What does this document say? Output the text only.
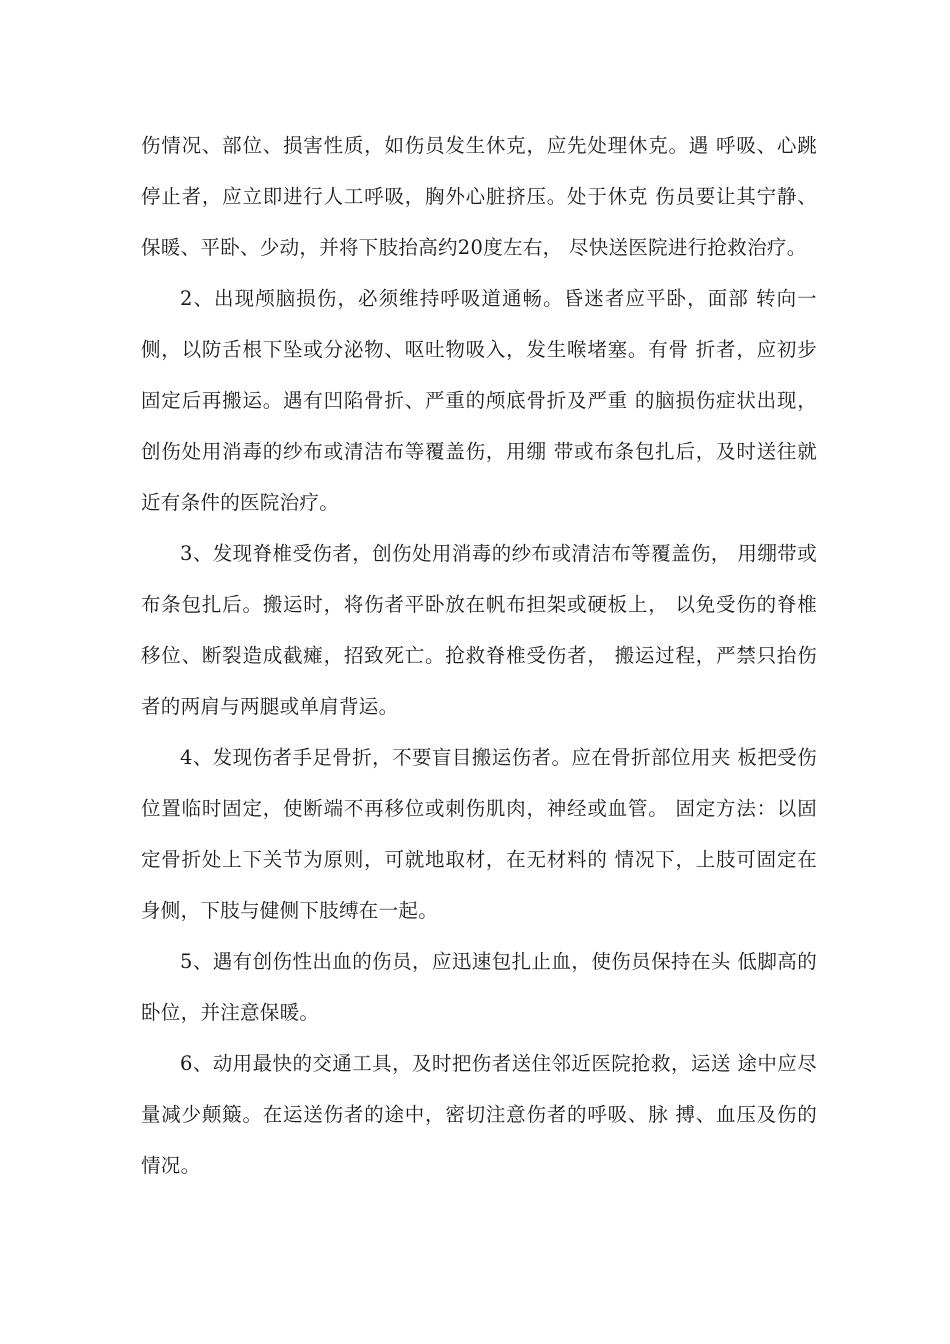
伤情况、部位、损害性质，如伤员发生休克，应先处理休克。遇 呼吸、心跳停止者，应立即进行人工呼吸，胸外心脏挤压。处于休克 伤员要让其宁静、保暖、平卧、少动，并将下肢抬高约20度左右， 尽快送医院进行抢救治疗。

2、出现颅脑损伤，必须维持呼吸道通畅。昏迷者应平卧，面部 转向一侧，以防舌根下坠或分泌物、呕吐物吸入，发生喉堵塞。有骨 折者，应初步固定后再搬运。遇有凹陷骨折、严重的颅底骨折及严重 的脑损伤症状出现，创伤处用消毒的纱布或清洁布等覆盖伤，用绷 带或布条包扎后，及时送往就近有条件的医院治疗。

3、发现脊椎受伤者，创伤处用消毒的纱布或清洁布等覆盖伤， 用绷带或布条包扎后。搬运时，将伤者平卧放在帆布担架或硬板上， 以免受伤的脊椎移位、断裂造成截瘫，招致死亡。抢救脊椎受伤者， 搬运过程，严禁只抬伤者的两肩与两腿或单肩背运。

4、发现伤者手足骨折，不要盲目搬运伤者。应在骨折部位用夹 板把受伤位置临时固定，使断端不再移位或刺伤肌肉，神经或血管。 固定方法：以固定骨折处上下关节为原则，可就地取材，在无材料的 情况下，上肢可固定在身侧，下肢与健侧下肢缚在一起。

5、遇有创伤性出血的伤员，应迅速包扎止血，使伤员保持在头 低脚高的卧位，并注意保暖。

6、动用最快的交通工具，及时把伤者送住邻近医院抢救，运送 途中应尽量减少颠簸。在运送伤者的途中，密切注意伤者的呼吸、脉 搏、血压及伤的情况。
